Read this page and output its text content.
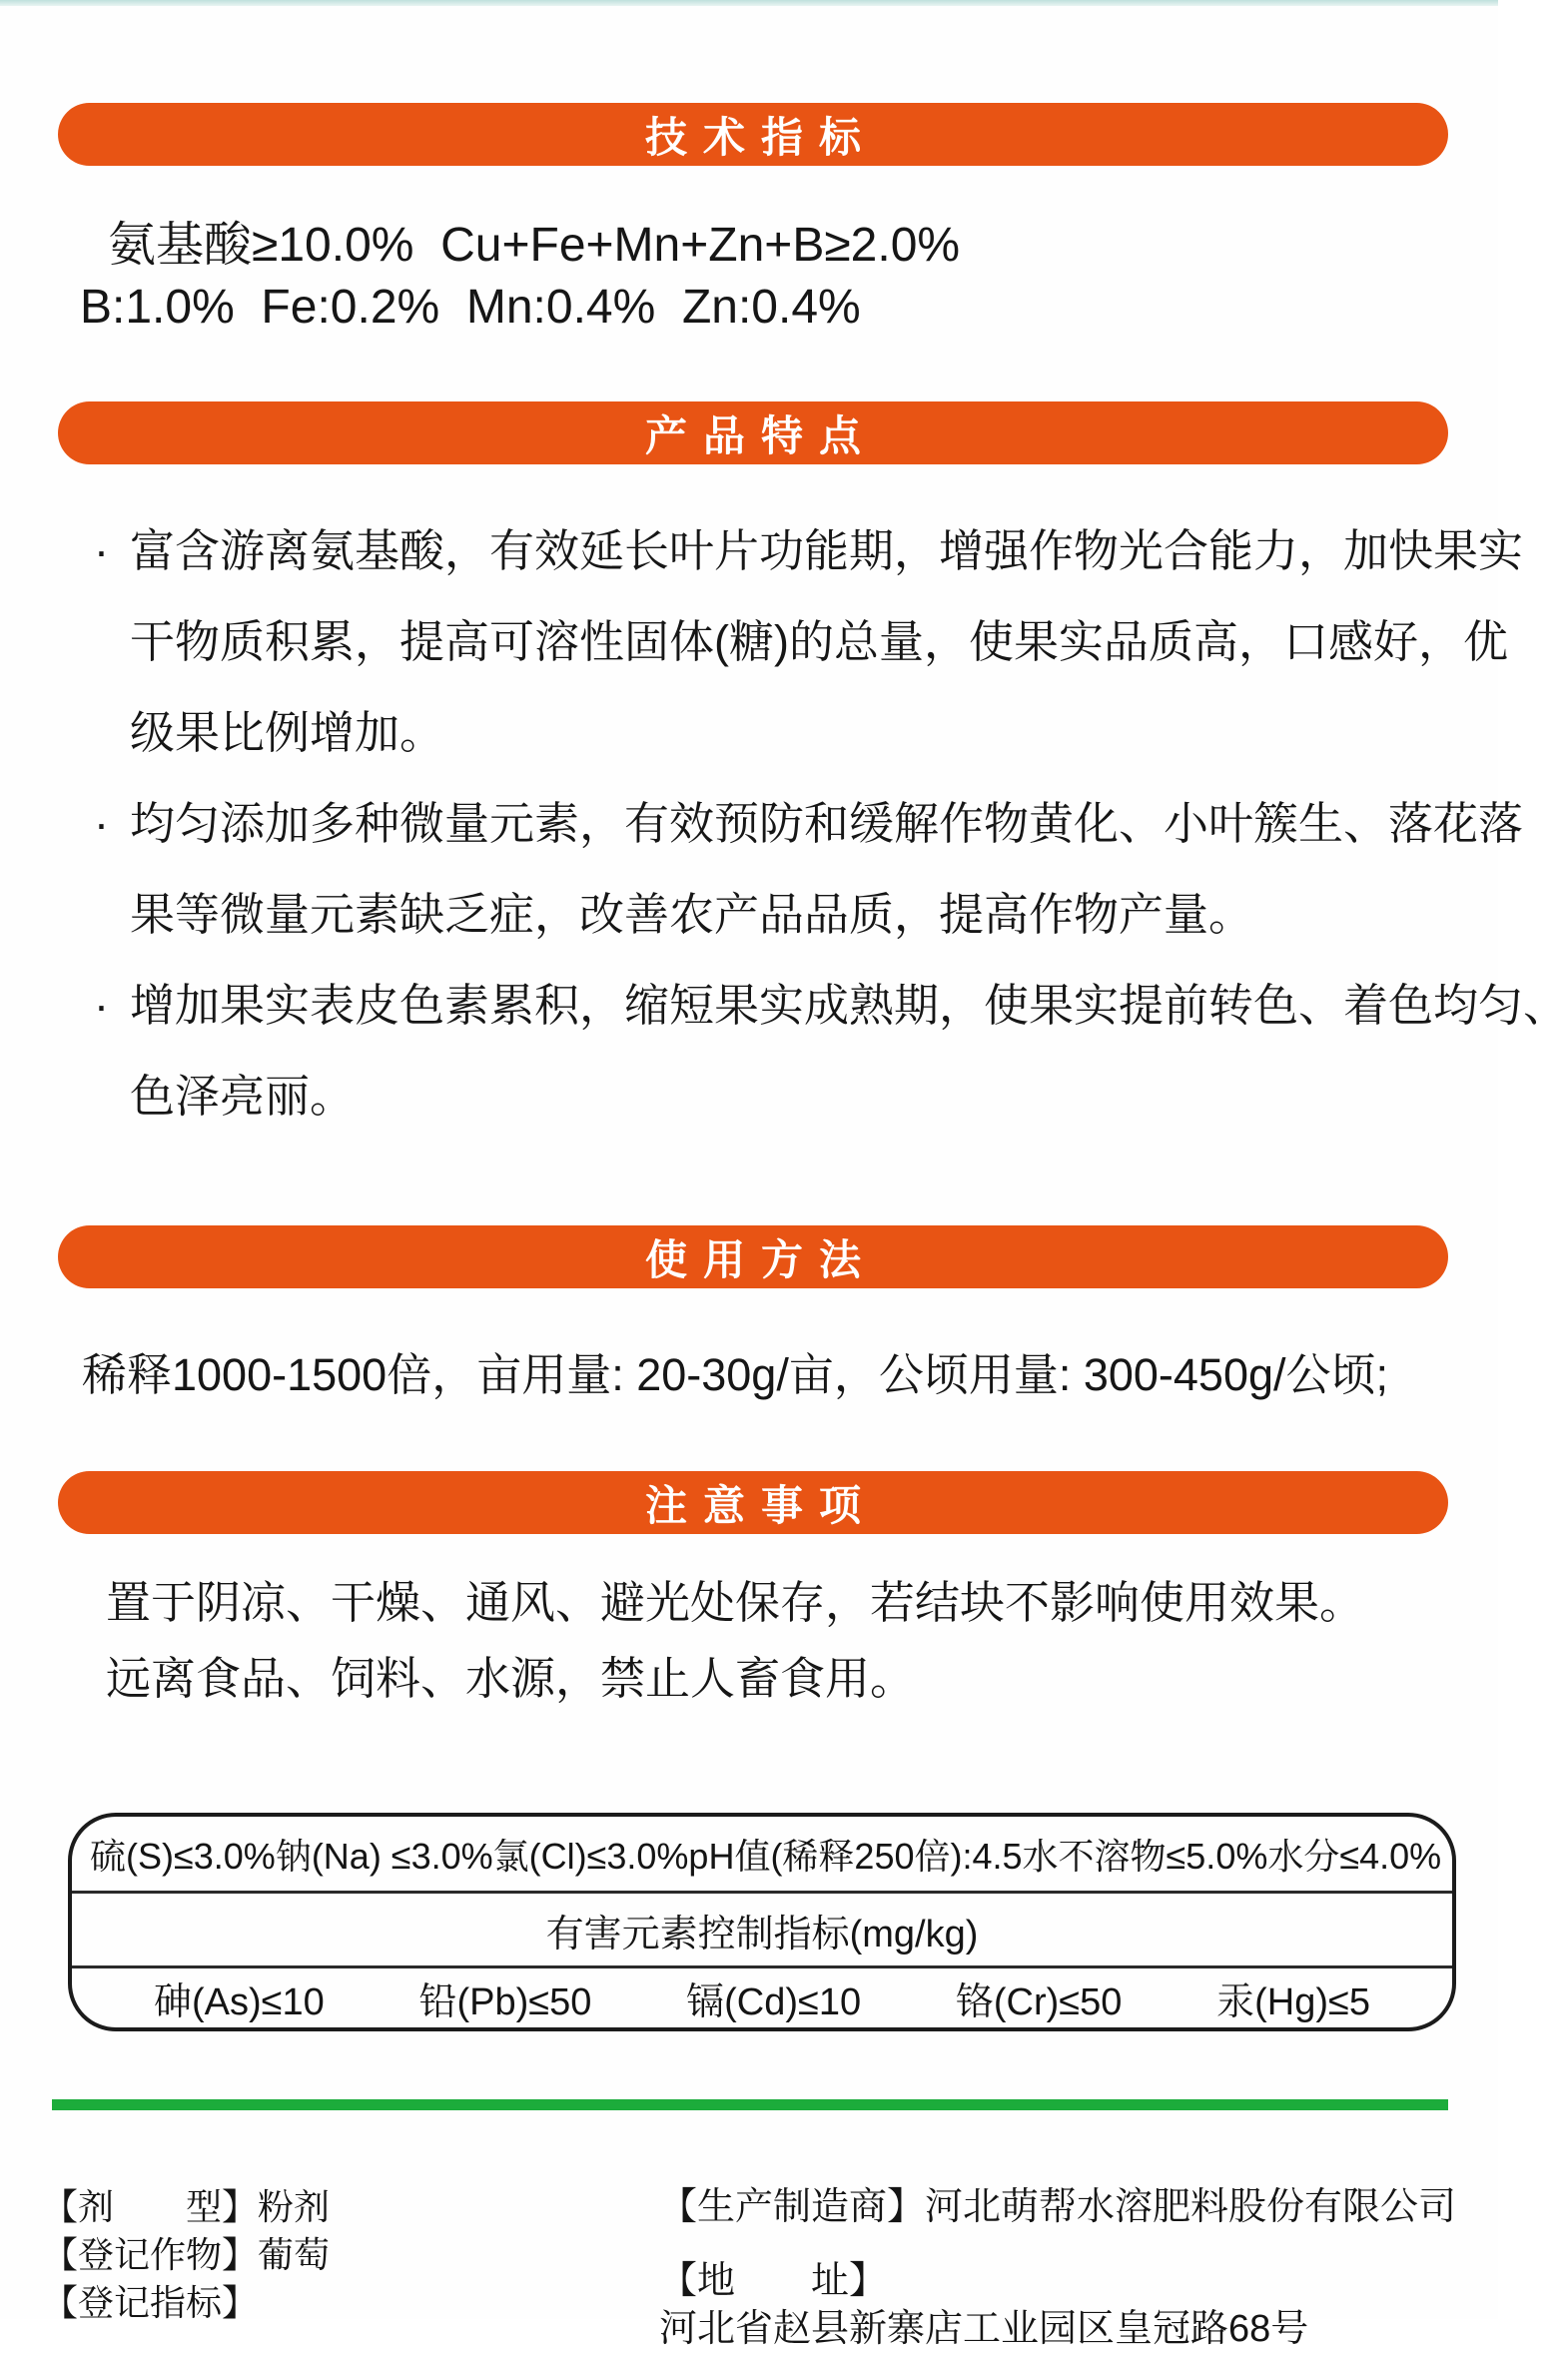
技术指标
氨基酸≥10.0%  Cu+Fe+Mn+Zn+B≥2.0%
B:1.0%  Fe:0.2%  Mn:0.4%  Zn:0.4%
产品特点
· 富含游离氨基酸，有效延长叶片功能期，增强作物光合能力，加快果实
干物质积累，提高可溶性固体(糖)的总量，使果实品质高，口感好，优
级果比例增加。
· 均匀添加多种微量元素，有效预防和缓解作物黄化、小叶簇生、落花落
果等微量元素缺乏症，改善农产品品质，提高作物产量。
· 增加果实表皮色素累积，缩短果实成熟期，使果实提前转色、着色均匀、
色泽亮丽。
使用方法
稀释1000-1500倍，亩用量: 20-30g/亩，公顷用量: 300-450g/公顷;
注意事项
置于阴凉、干燥、通风、避光处保存，若结块不影响使用效果。
远离食品、饲料、水源，禁止人畜食用。
硫(S)≤3.0% 钠(Na) ≤3.0% 氯(Cl)≤3.0% pH值(稀释250倍):4.5 水不溶物≤5.0% 水分≤4.0%
有害元素控制指标(mg/kg)
砷(As)≤10 铅(Pb)≤50 镉(Cd)≤10 铬(Cr)≤50 汞(Hg)≤5
【剂　　型】粉剂
【登记作物】葡萄
【登记指标】
【生产制造商】河北萌帮水溶肥料股份有限公司
【地　　址】河北省赵县新寨店工业园区皇冠路68号
